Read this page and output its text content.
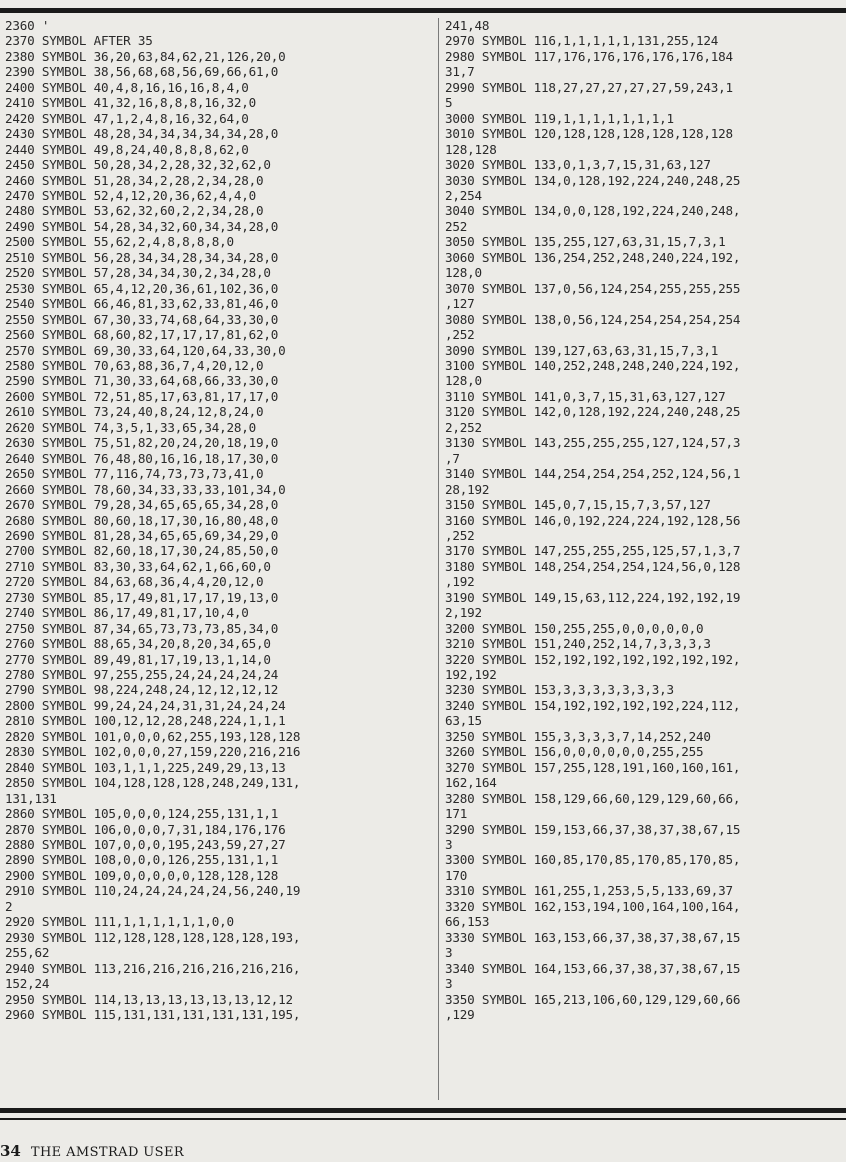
2360 '
2370 SYMBOL AFTER 35
2380 SYMBOL 36,20,63,84,62,21,126,20,0
2390 SYMBOL 38,56,68,68,56,69,66,61,0
2400 SYMBOL 40,4,8,16,16,16,8,4,0
2410 SYMBOL 41,32,16,8,8,8,16,32,0
2420 SYMBOL 47,1,2,4,8,16,32,64,0
2430 SYMBOL 48,28,34,34,34,34,34,28,0
2440 SYMBOL 49,8,24,40,8,8,8,62,0
2450 SYMBOL 50,28,34,2,28,32,32,62,0
2460 SYMBOL 51,28,34,2,28,2,34,28,0
2470 SYMBOL 52,4,12,20,36,62,4,4,0
2480 SYMBOL 53,62,32,60,2,2,34,28,0
2490 SYMBOL 54,28,34,32,60,34,34,28,0
2500 SYMBOL 55,62,2,4,8,8,8,8,0
2510 SYMBOL 56,28,34,34,28,34,34,28,0
2520 SYMBOL 57,28,34,34,30,2,34,28,0
2530 SYMBOL 65,4,12,20,36,61,102,36,0
2540 SYMBOL 66,46,81,33,62,33,81,46,0
2550 SYMBOL 67,30,33,74,68,64,33,30,0
2560 SYMBOL 68,60,82,17,17,17,81,62,0
2570 SYMBOL 69,30,33,64,120,64,33,30,0
2580 SYMBOL 70,63,88,36,7,4,20,12,0
2590 SYMBOL 71,30,33,64,68,66,33,30,0
2600 SYMBOL 72,51,85,17,63,81,17,17,0
2610 SYMBOL 73,24,40,8,24,12,8,24,0
2620 SYMBOL 74,3,5,1,33,65,34,28,0
2630 SYMBOL 75,51,82,20,24,20,18,19,0
2640 SYMBOL 76,48,80,16,16,18,17,30,0
2650 SYMBOL 77,116,74,73,73,73,41,0
2660 SYMBOL 78,60,34,33,33,33,101,34,0
2670 SYMBOL 79,28,34,65,65,65,34,28,0
2680 SYMBOL 80,60,18,17,30,16,80,48,0
2690 SYMBOL 81,28,34,65,65,69,34,29,0
2700 SYMBOL 82,60,18,17,30,24,85,50,0
2710 SYMBOL 83,30,33,64,62,1,66,60,0
2720 SYMBOL 84,63,68,36,4,4,20,12,0
2730 SYMBOL 85,17,49,81,17,17,19,13,0
2740 SYMBOL 86,17,49,81,17,10,4,0
2750 SYMBOL 87,34,65,73,73,73,85,34,0
2760 SYMBOL 88,65,34,20,8,20,34,65,0
2770 SYMBOL 89,49,81,17,19,13,1,14,0
2780 SYMBOL 97,255,255,24,24,24,24,24
2790 SYMBOL 98,224,248,24,12,12,12,12
2800 SYMBOL 99,24,24,24,31,31,24,24,24
2810 SYMBOL 100,12,12,28,248,224,1,1,1
2820 SYMBOL 101,0,0,0,62,255,193,128,128
2830 SYMBOL 102,0,0,0,27,159,220,216,216
2840 SYMBOL 103,1,1,1,225,249,29,13,13
2850 SYMBOL 104,128,128,128,248,249,131,
131,131
2860 SYMBOL 105,0,0,0,124,255,131,1,1
2870 SYMBOL 106,0,0,0,7,31,184,176,176
2880 SYMBOL 107,0,0,0,195,243,59,27,27
2890 SYMBOL 108,0,0,0,126,255,131,1,1
2900 SYMBOL 109,0,0,0,0,0,128,128,128
2910 SYMBOL 110,24,24,24,24,24,56,240,19
2
2920 SYMBOL 111,1,1,1,1,1,1,0,0
2930 SYMBOL 112,128,128,128,128,128,193,
255,62
2940 SYMBOL 113,216,216,216,216,216,216,
152,24
2950 SYMBOL 114,13,13,13,13,13,13,12,12
2960 SYMBOL 115,131,131,131,131,131,195,
241,48
2970 SYMBOL 116,1,1,1,1,1,131,255,124
2980 SYMBOL 117,176,176,176,176,176,184
31,7
2990 SYMBOL 118,27,27,27,27,27,59,243,1
5
3000 SYMBOL 119,1,1,1,1,1,1,1,1
3010 SYMBOL 120,128,128,128,128,128,128
128,128
3020 SYMBOL 133,0,1,3,7,15,31,63,127
3030 SYMBOL 134,0,128,192,224,240,248,25
2,254
3040 SYMBOL 134,0,0,128,192,224,240,248,
252
3050 SYMBOL 135,255,127,63,31,15,7,3,1
3060 SYMBOL 136,254,252,248,240,224,192,
128,0
3070 SYMBOL 137,0,56,124,254,255,255,255
,127
3080 SYMBOL 138,0,56,124,254,254,254,254
,252
3090 SYMBOL 139,127,63,63,31,15,7,3,1
3100 SYMBOL 140,252,248,248,240,224,192,
128,0
3110 SYMBOL 141,0,3,7,15,31,63,127,127
3120 SYMBOL 142,0,128,192,224,240,248,25
2,252
3130 SYMBOL 143,255,255,255,127,124,57,3
,7
3140 SYMBOL 144,254,254,254,252,124,56,1
28,192
3150 SYMBOL 145,0,7,15,15,7,3,57,127
3160 SYMBOL 146,0,192,224,224,192,128,56
,252
3170 SYMBOL 147,255,255,255,125,57,1,3,7
3180 SYMBOL 148,254,254,254,124,56,0,128
,192
3190 SYMBOL 149,15,63,112,224,192,192,19
2,192
3200 SYMBOL 150,255,255,0,0,0,0,0,0
3210 SYMBOL 151,240,252,14,7,3,3,3,3
3220 SYMBOL 152,192,192,192,192,192,192,
192,192
3230 SYMBOL 153,3,3,3,3,3,3,3,3
3240 SYMBOL 154,192,192,192,192,224,112,
63,15
3250 SYMBOL 155,3,3,3,3,7,14,252,240
3260 SYMBOL 156,0,0,0,0,0,0,255,255
3270 SYMBOL 157,255,128,191,160,160,161,
162,164
3280 SYMBOL 158,129,66,60,129,129,60,66,
171
3290 SYMBOL 159,153,66,37,38,37,38,67,15
3
3300 SYMBOL 160,85,170,85,170,85,170,85,
170
3310 SYMBOL 161,255,1,253,5,5,133,69,37
3320 SYMBOL 162,153,194,100,164,100,164,
66,153
3330 SYMBOL 163,153,66,37,38,37,38,67,15
3
3340 SYMBOL 164,153,66,37,38,37,38,67,15
3
3350 SYMBOL 165,213,106,60,129,129,60,66
,129
34 THE AMSTRAD USER
